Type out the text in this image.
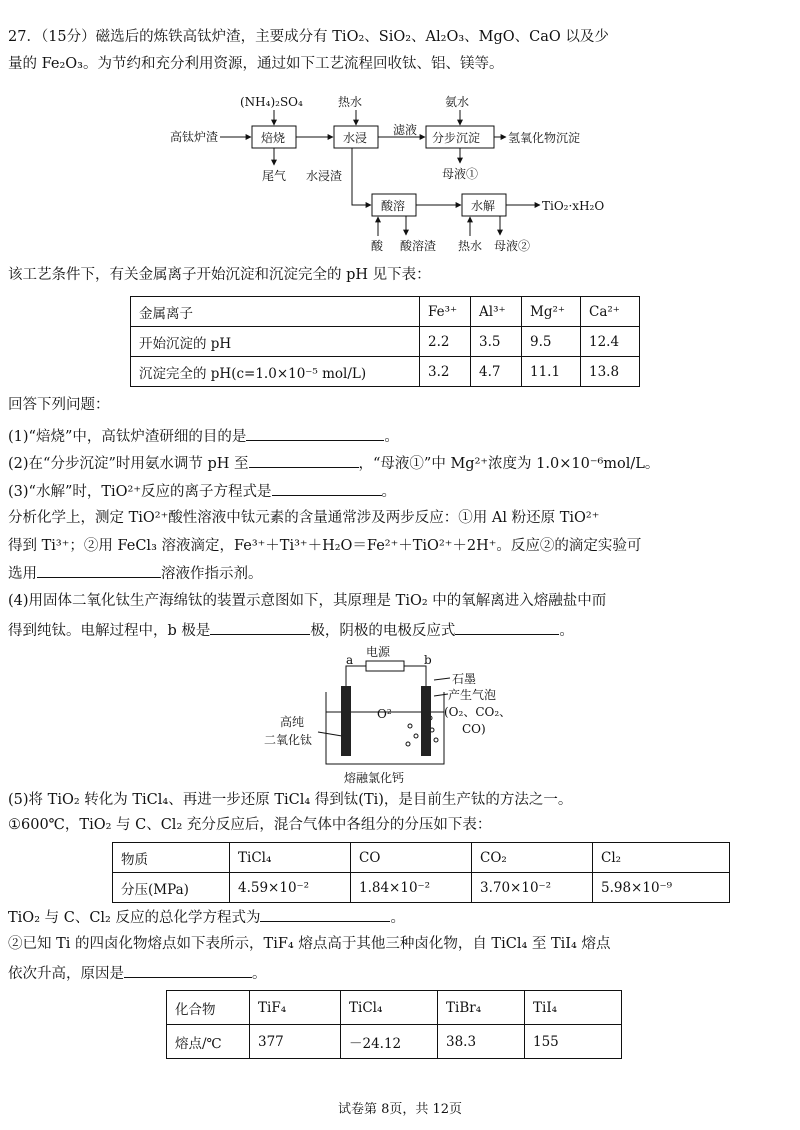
27．（15分）磁选后的炼铁高钛炉渣，主要成分有 TiO₂、SiO₂、Al₂O₃、MgO、CaO 以及少
量的 Fe₂O₃。为节约和充分利用资源，通过如下工艺流程回收钛、铝、镁等。
(NH₄)₂SO₄	热水	氨水
高钛炉渣	焙烧	水浸
滤液
分步沉淀 氢氧化物沉淀
尾气 水浸渣	母液①
酸溶	水解	TiO₂·xH₂O
酸 酸溶渣 热水 母液②
该工艺条件下，有关金属离子开始沉淀和沉淀完全的 pH 见下表：
金属离子	Fe³⁺	Al³⁺	Mg²⁺	Ca²⁺
开始沉淀的 pH	2.2	3.5	9.5	12.4
沉淀完全的 pH(c=1.0×10⁻⁵ mol/L)	3.2	4.7	11.1	13.8
回答下列问题：
(1)“焙烧”中，高钛炉渣研细的目的是	。
(2)在“分步沉淀”时用氨水调节 pH 至	，“母液①”中 Mg²⁺浓度为 1.0×10⁻⁶mol/L。
(3)“水解”时，TiO²⁺反应的离子方程式是	。
分析化学上，测定 TiO²⁺酸性溶液中钛元素的含量通常涉及两步反应：①用 Al 粉还原 TiO²⁺
得到 Ti³⁺；②用 FeCl₃ 溶液滴定，Fe³⁺＋Ti³⁺＋H₂O＝Fe²⁺＋TiO²⁺＋2H⁺。反应②的滴定实验可
选用	溶液作指示剂。
(4)用固体二氧化钛生产海绵钛的装置示意图如下，其原理是 TiO₂ 中的氧解离进入熔融盐中而
得到纯钛。电解过程中，b 极是	极，阴极的电极反应式	。
电源
a	b
石墨
产生气泡
(O₂、CO₂、
CO)
高纯
二氧化钛
O²⁻
熔融氯化钙
(5)将 TiO₂ 转化为 TiCl₄、再进一步还原 TiCl₄ 得到钛(Ti)，是目前生产钛的方法之一。
①600℃，TiO₂ 与 C、Cl₂ 充分反应后，混合气体中各组分的分压如下表：
物质	TiCl₄	CO	CO₂	Cl₂
分压(MPa)	4.59×10⁻²	1.84×10⁻²	3.70×10⁻²	5.98×10⁻⁹
TiO₂ 与 C、Cl₂ 反应的总化学方程式为	。
②已知 Ti 的四卤化物熔点如下表所示，TiF₄ 熔点高于其他三种卤化物，自 TiCl₄ 至 TiI₄ 熔点
依次升高，原因是	。
化合物	TiF₄	TiCl₄	TiBr₄	TiI₄
熔点/℃	377	－24.12	38.3	155
试卷第 8页，共 12页
